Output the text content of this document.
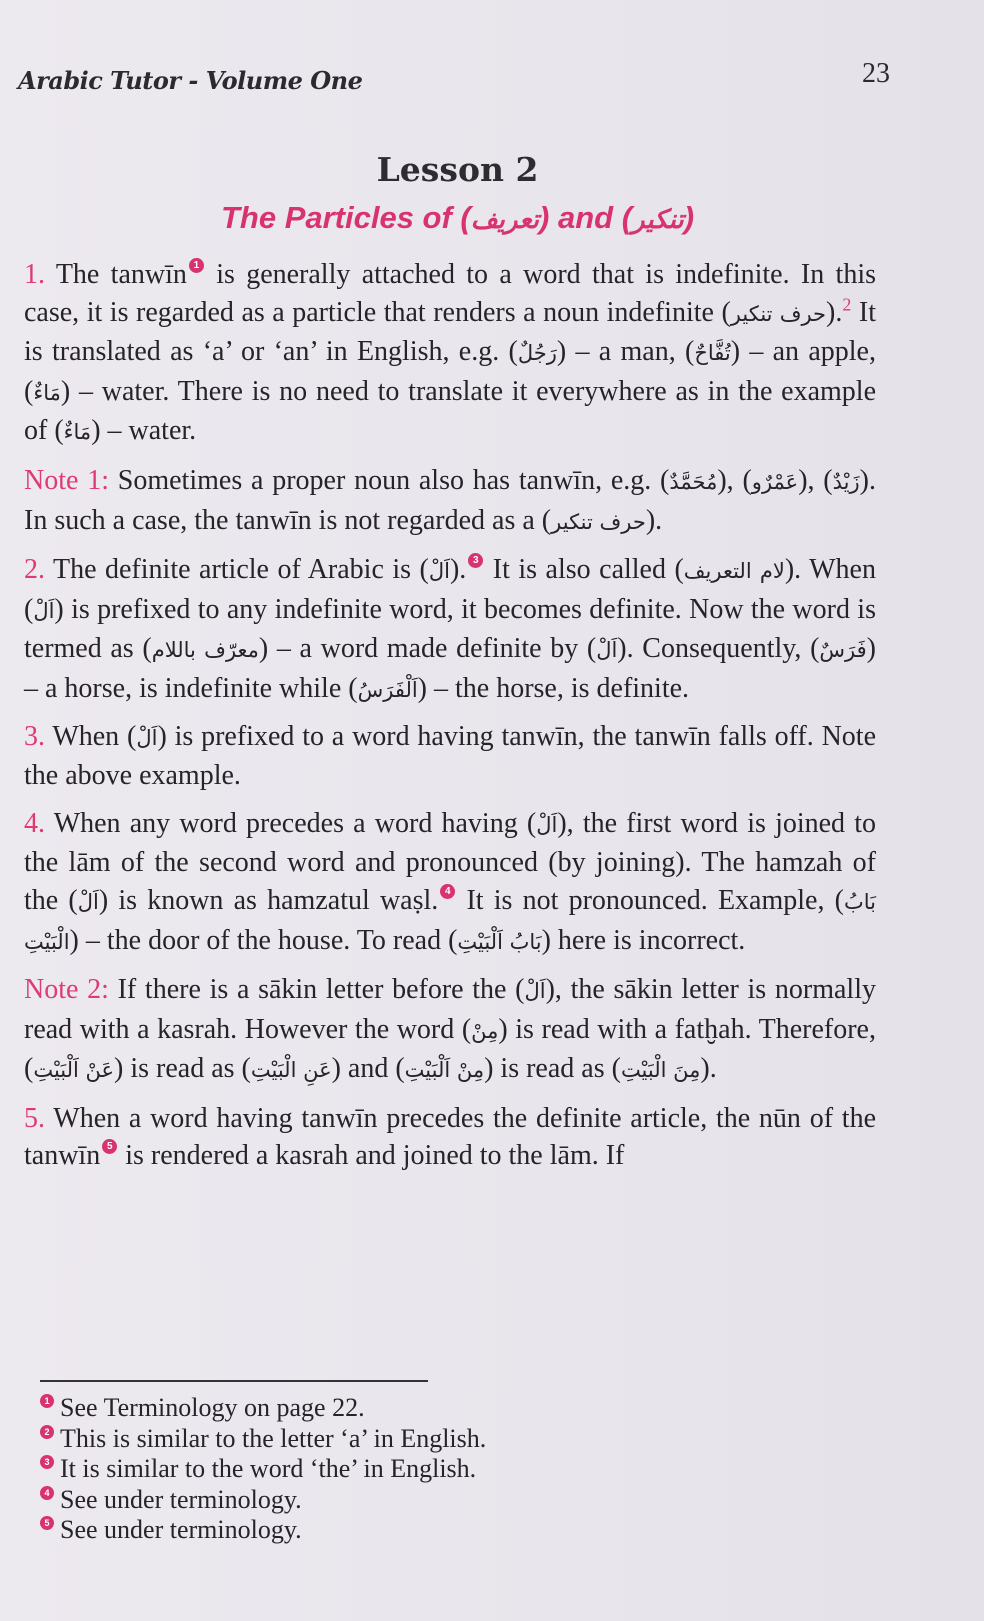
Arabic Tutor - Volume One	23
Lesson 2
The Particles of (تعريف) and (تنكير)

1. The tanwīn 1 is generally attached to a word that is indefinite. In this case, it is regarded as a particle that renders a noun indefinite (حرف تنكير).$^2$ It is translated as ‘a’ or ‘an’ in English, e.g. (رَجُلٌ) – a man, (تُفَّاحٌ) – an apple, (مَاءٌ) – water. There is no need to translate it everywhere as in the example of (مَاءٌ) – water.

Note 1: Sometimes a proper noun also has tanwīn, e.g. (مُحَمَّدٌ), (عَمْرٌو), (زَيْدٌ). In such a case, the tanwīn is not regarded as a (حرف تنكير).

2. The definite article of Arabic is (اَلْ). 3 It is also called (لام التعريف). When (اَلْ) is prefixed to any indefinite word, it becomes definite. Now the word is termed as (معرّف باللام) – a word made definite by (اَلْ). Consequently, (فَرَسٌ) – a horse, is indefinite while (اَلْفَرَسُ) – the horse, is definite.

3. When (اَلْ) is prefixed to a word having tanwīn, the tanwīn falls off. Note the above example.

4. When any word precedes a word having (اَلْ), the first word is joined to the lām of the second word and pronounced (by joining). The hamzah of the (اَلْ) is known as hamzatul waṣl. 4 It is not pronounced. Example, (بَابُ الْبَيْتِ) – the door of the house. To read (بَابُ اَلْبَيْتِ) here is incorrect.

Note 2: If there is a sākin letter before the (اَلْ), the sākin letter is normally read with a kasrah. However the word (مِنْ) is read with a fatḫah. Therefore, (عَنْ اَلْبَيْتِ) is read as (عَنِ الْبَيْتِ) and (مِنْ اَلْبَيْتِ) is read as (مِنَ الْبَيْتِ).

5. When a word having tanwīn precedes the definite article, the nūn of the tanwīn 5 is rendered a kasrah and joined to the lām. If

1 See Terminology on page 22.
2 This is similar to the letter ‘a’ in English.
3 It is similar to the word ‘the’ in English.
4 See under terminology.
5 See under terminology.
